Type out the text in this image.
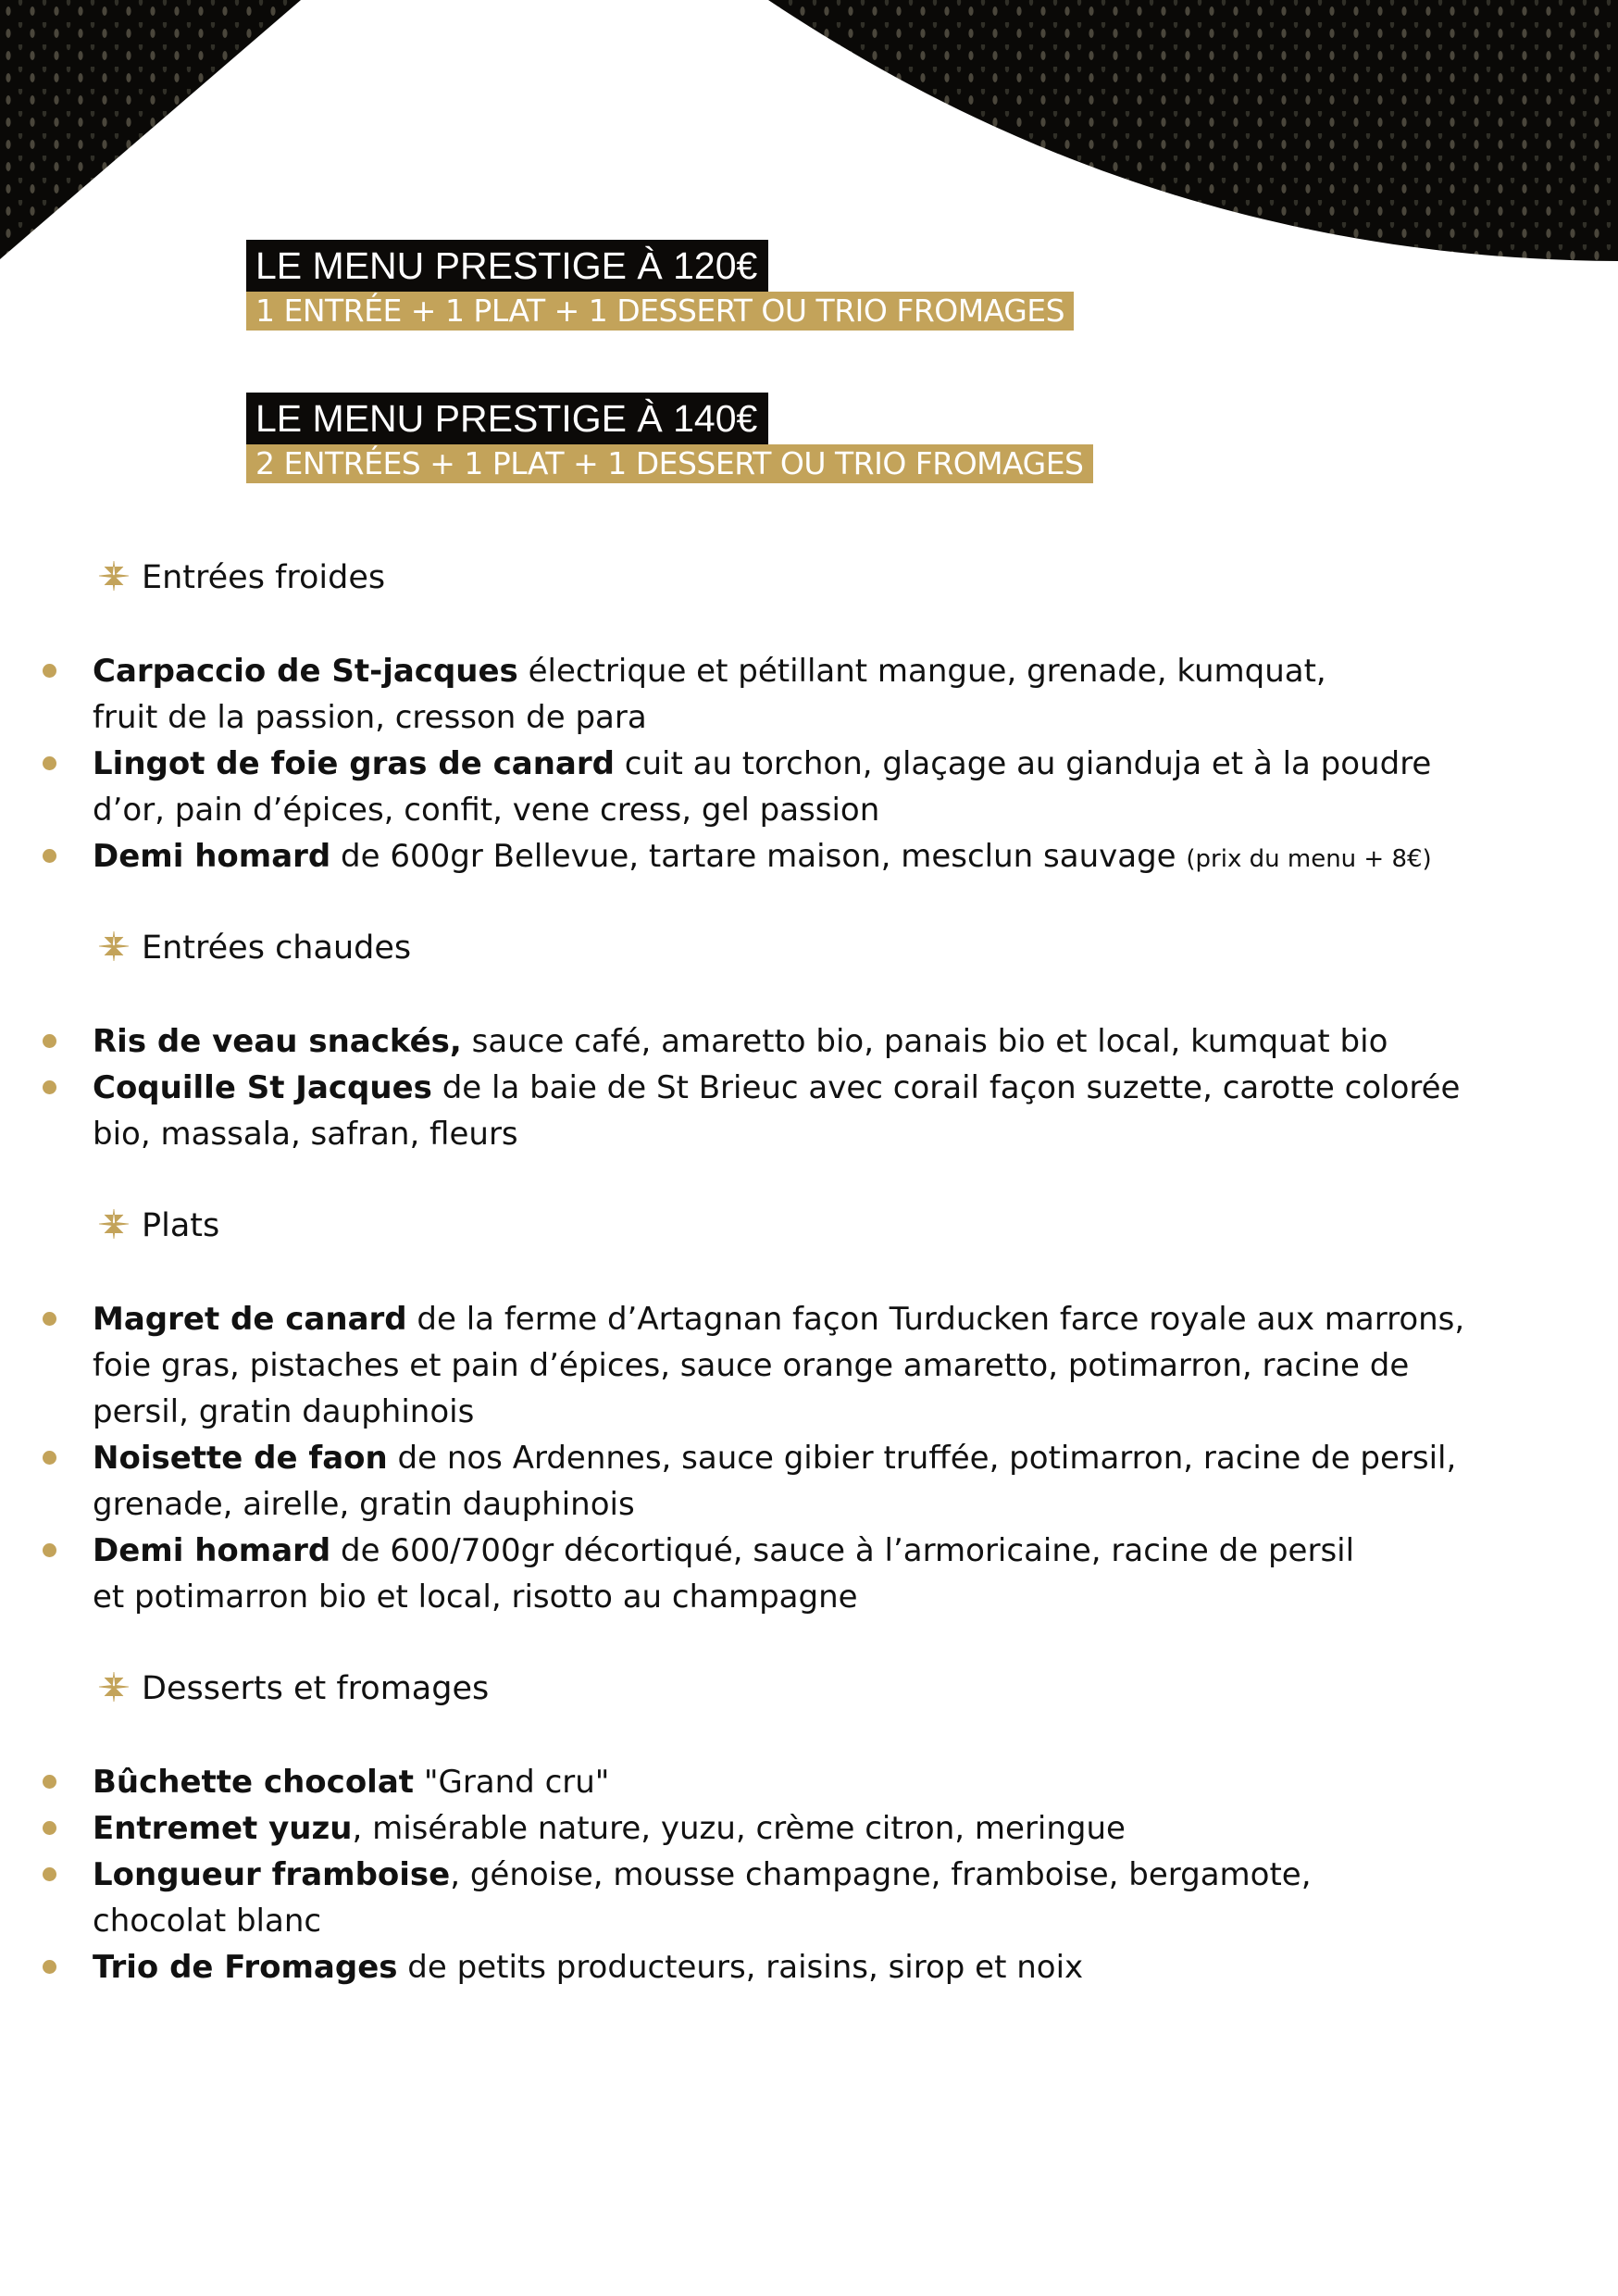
LE MENU PRESTIGE À 120€
1 ENTRÉE + 1 PLAT + 1 DESSERT OU TRIO FROMAGES
LE MENU PRESTIGE À 140€
2 ENTRÉES + 1 PLAT + 1 DESSERT OU TRIO FROMAGES
Entrées froides
Carpaccio de St-jacques électrique et pétillant mangue, grenade, kumquat,
fruit de la passion, cresson de para
Lingot de foie gras de canard cuit au torchon, glaçage au gianduja et à la poudre
d’or, pain d’épices, confit, vene cress, gel passion
Demi homard de 600gr Bellevue, tartare maison, mesclun sauvage (prix du menu + 8€)
Entrées chaudes
Ris de veau snackés, sauce café, amaretto bio, panais bio et local, kumquat bio
Coquille St Jacques de la baie de St Brieuc avec corail façon suzette, carotte colorée
bio, massala, safran, fleurs
Plats
Magret de canard de la ferme d’Artagnan façon Turducken farce royale aux marrons,
foie gras, pistaches et pain d’épices, sauce orange amaretto, potimarron, racine de
persil, gratin dauphinois
Noisette de faon de nos Ardennes, sauce gibier truffée, potimarron, racine de persil,
grenade, airelle, gratin dauphinois
Demi homard de 600/700gr décortiqué, sauce à l’armoricaine, racine de persil
et potimarron bio et local, risotto au champagne
Desserts et fromages
Bûchette chocolat "Grand cru"
Entremet yuzu, misérable nature, yuzu, crème citron, meringue
Longueur framboise, génoise, mousse champagne, framboise, bergamote,
chocolat blanc
Trio de Fromages de petits producteurs, raisins, sirop et noix
